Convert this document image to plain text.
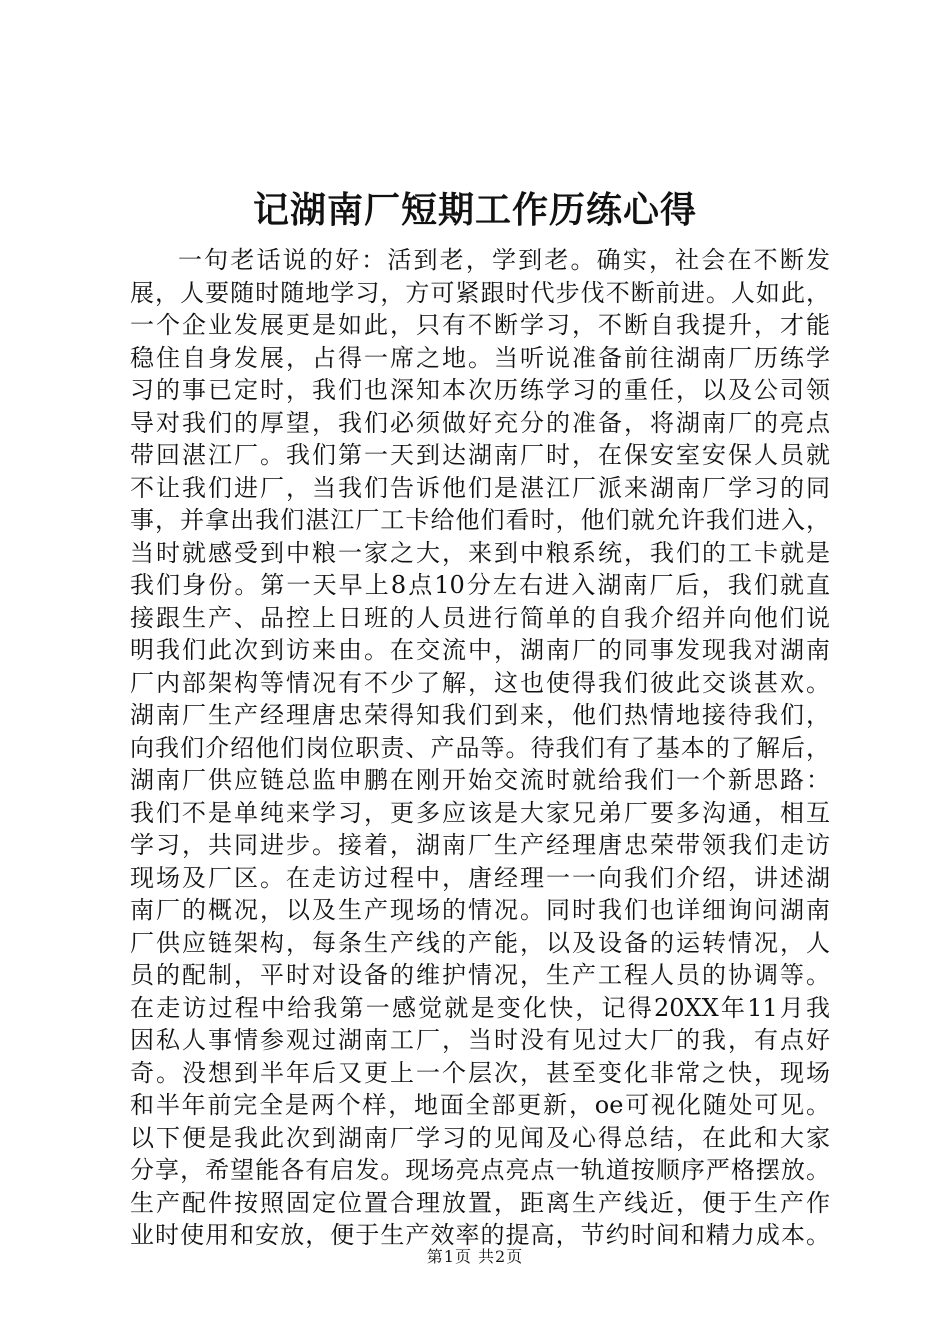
记湖南厂短期工作历练心得
一句老话说的好：活到老，学到老。确实，社会在不断发
展，人要随时随地学习，方可紧跟时代步伐不断前进。人如此，
一个企业发展更是如此，只有不断学习，不断自我提升，才能
稳住自身发展，占得一席之地。当听说准备前往湖南厂历练学
习的事已定时，我们也深知本次历练学习的重任，以及公司领
导对我们的厚望，我们必须做好充分的准备，将湖南厂的亮点
带回湛江厂。我们第一天到达湖南厂时，在保安室安保人员就
不让我们进厂，当我们告诉他们是湛江厂派来湖南厂学习的同
事，并拿出我们湛江厂工卡给他们看时，他们就允许我们进入，
当时就感受到中粮一家之大，来到中粮系统，我们的工卡就是
我们身份。第一天早上8点10分左右进入湖南厂后，我们就直
接跟生产、品控上日班的人员进行简单的自我介绍并向他们说
明我们此次到访来由。在交流中，湖南厂的同事发现我对湖南
厂内部架构等情况有不少了解，这也使得我们彼此交谈甚欢。
湖南厂生产经理唐忠荣得知我们到来，他们热情地接待我们，
向我们介绍他们岗位职责、产品等。待我们有了基本的了解后，
湖南厂供应链总监申鹏在刚开始交流时就给我们一个新思路：
我们不是单纯来学习，更多应该是大家兄弟厂要多沟通，相互
学习，共同进步。接着，湖南厂生产经理唐忠荣带领我们走访
现场及厂区。在走访过程中，唐经理一一向我们介绍，讲述湖
南厂的概况，以及生产现场的情况。同时我们也详细询问湖南
厂供应链架构，每条生产线的产能，以及设备的运转情况，人
员的配制，平时对设备的维护情况，生产工程人员的协调等。
在走访过程中给我第一感觉就是变化快，记得20XX年11月我
因私人事情参观过湖南工厂，当时没有见过大厂的我，有点好
奇。没想到半年后又更上一个层次，甚至变化非常之快，现场
和半年前完全是两个样，地面全部更新，oe可视化随处可见。
以下便是我此次到湖南厂学习的见闻及心得总结，在此和大家
分享，希望能各有启发。现场亮点亮点一轨道按顺序严格摆放。
生产配件按照固定位置合理放置，距离生产线近，便于生产作
业时使用和安放，便于生产效率的提高，节约时间和精力成本。
第1页 共2页
